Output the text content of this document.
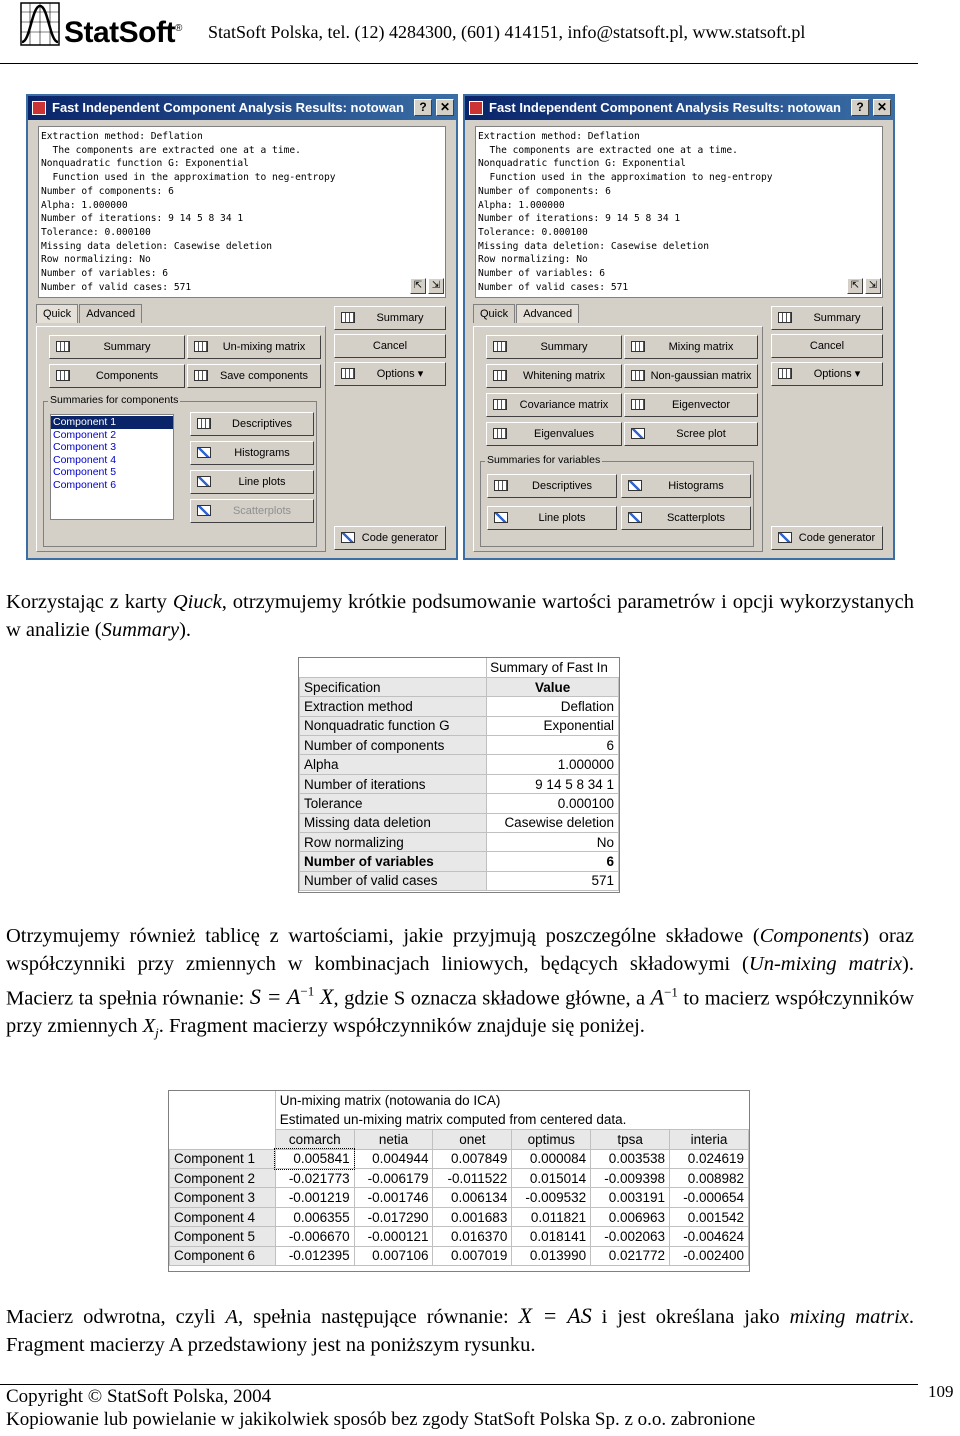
StatSoft® StatSoft Polska, tel. (12) 4284300, (601) 414151, info@statsoft.pl, www.statsoft.pl
Fast Independent Component Analysis Results: notowan	?	✕
Extraction method: Deflation
The components are extracted one at a time.
Nonquadratic function G: Exponential
Function used in the approximation to neg-entropy
Number of components: 6
Alpha: 1.000000
Number of iterations: 9 14 5 8 34 1
Tolerance: 0.000100
Missing data deletion: Casewise deletion
Row normalizing: No
Number of variables: 6
Number of valid cases: 571	⇱ ⇲
Quick Advanced
Summary	Un-mixing matrix
Components	Save components
Summaries for components
Component 1
Component 2
Component 3
Component 4
Component 5
Component 6
Descriptives
Histograms
Line plots
Scatterplots
Summary
Cancel
Options ▾
Code generator
Fast Independent Component Analysis Results: notowan	?	✕
Extraction method: Deflation
The components are extracted one at a time.
Nonquadratic function G: Exponential
Function used in the approximation to neg-entropy
Number of components: 6
Alpha: 1.000000
Number of iterations: 9 14 5 8 34 1
Tolerance: 0.000100
Missing data deletion: Casewise deletion
Row normalizing: No
Number of variables: 6
Number of valid cases: 571	⇱ ⇲
Quick Advanced
Summary	Mixing matrix
Whitening matrix	Non-gaussian matrix
Covariance matrix	Eigenvector
Eigenvalues	Scree plot
Summaries for variables
Descriptives	Histograms
Line plots	Scatterplots
Summary
Cancel
Options ▾
Code generator
Korzystając z karty Qiuck, otrzymujemy krótkie podsumowanie wartości parametrów i opcji wykorzystanych w analizie (Summary).
	Summary of Fast In
Specification	Value
Extraction method	Deflation
Nonquadratic function G	Exponential
Number of components	6
Alpha	1.000000
Number of iterations	9 14 5 8 34 1
Tolerance	0.000100
Missing data deletion	Casewise deletion
Row normalizing	No
Number of variables	6
Number of valid cases	571
Otrzymujemy również tablicę z wartościami, jakie przyjmują poszczególne składowe (Components) oraz współczynniki przy zmiennych w kombinacjach liniowych, będących składowymi (Un-mixing matrix). Macierz ta spełnia równanie: $S = A^{-1}$ X, gdzie S oznacza składowe główne, a $A^{-1}$ to macierz współczynników przy zmiennych $X_j$. Fragment macierzy współczynników znajduje się poniżej.
	Un-mixing matrix (notowania do ICA)					
	Estimated un-mixing matrix computed from centered data.					
	comarch	netia	onet	optimus	tpsa	interia
Component 1	0.005841	0.004944	0.007849	0.000084	0.003538	0.024619
Component 2	-0.021773	-0.006179	-0.011522	0.015014	-0.009398	0.008982
Component 3	-0.001219	-0.001746	0.006134	-0.009532	0.003191	-0.000654
Component 4	0.006355	-0.017290	0.001683	0.011821	0.006963	0.001542
Component 5	-0.006670	-0.000121	0.016370	0.018141	-0.002063	-0.004624
Component 6	-0.012395	0.007106	0.007019	0.013990	0.021772	-0.002400
Macierz odwrotna, czyli A, spełnia następujące równanie: X = AS i jest określana jako mixing matrix. Fragment macierzy A przedstawiony jest na poniższym rysunku.
Copyright © StatSoft Polska, 2004
Kopiowanie lub powielanie w jakikolwiek sposób bez zgody StatSoft Polska Sp. z o.o. zabronione
109
